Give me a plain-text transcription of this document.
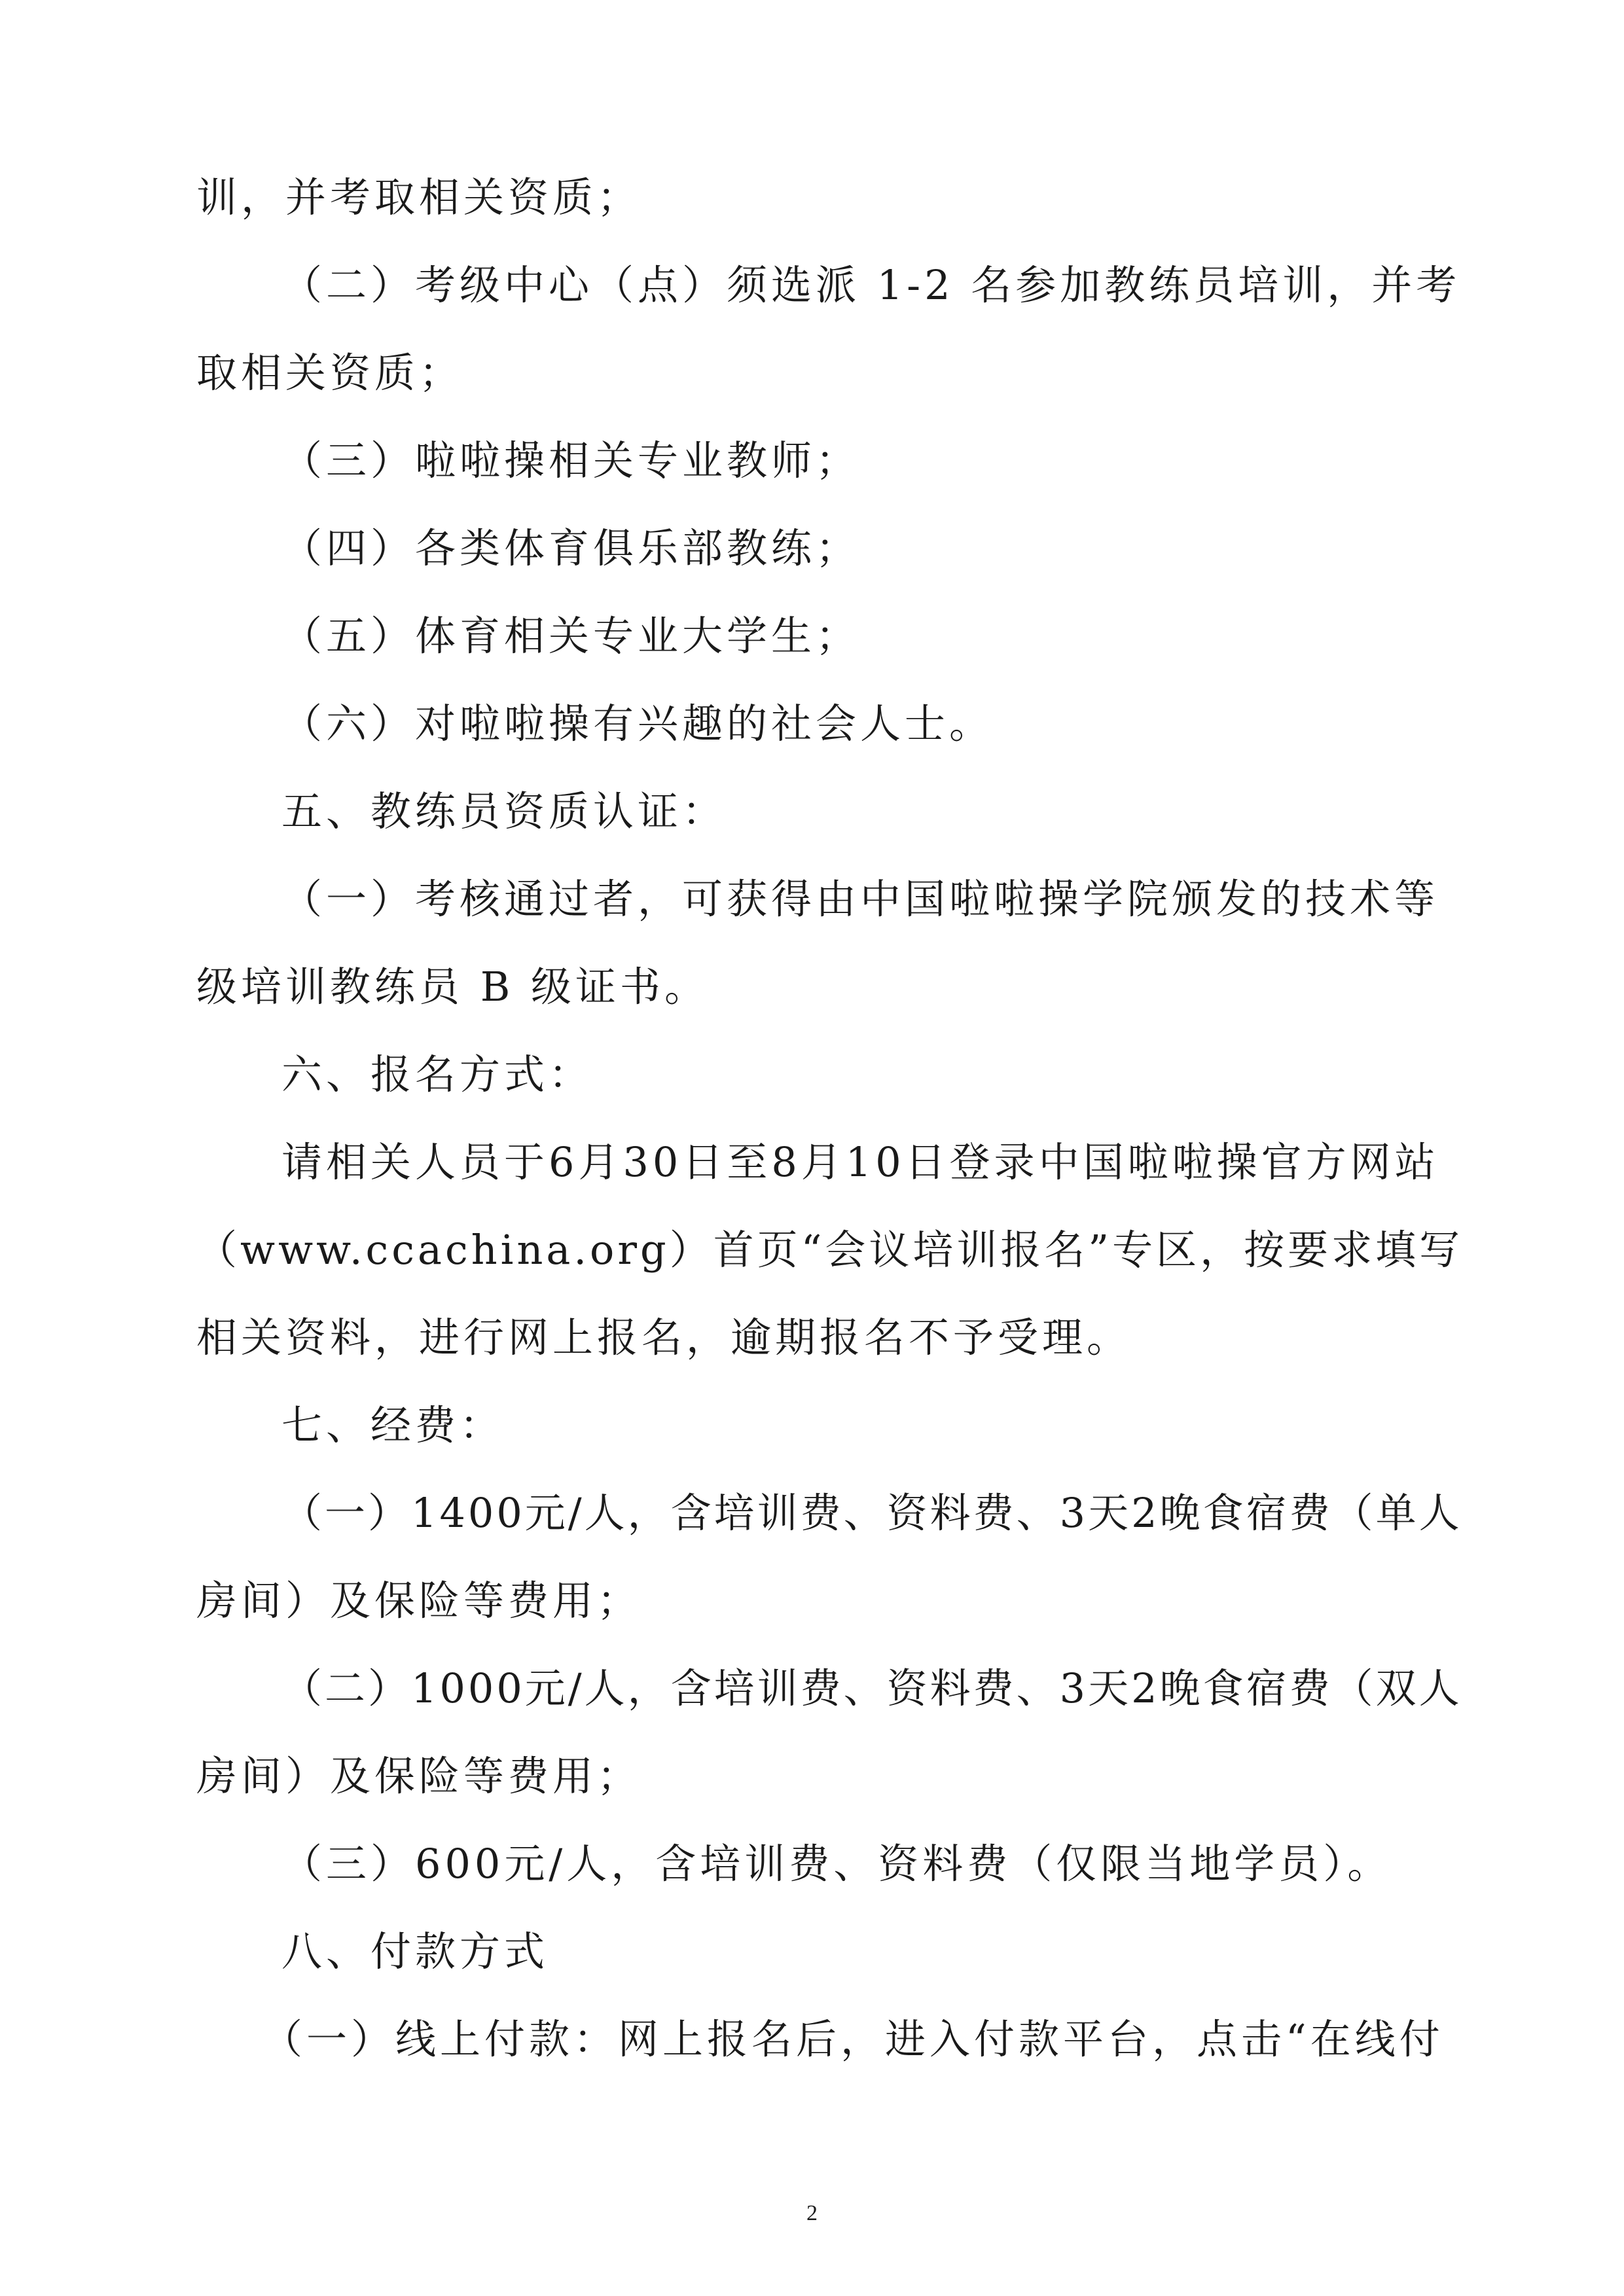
训，并考取相关资质；
（二）考级中心（点）须选派 1-2 名参加教练员培训，并考
取相关资质；
（三）啦啦操相关专业教师；
（四）各类体育俱乐部教练；
（五）体育相关专业大学生；
（六）对啦啦操有兴趣的社会人士。
五、教练员资质认证：
（一）考核通过者，可获得由中国啦啦操学院颁发的技术等
级培训教练员 B 级证书。
六、报名方式：
请相关人员于6月30日至8月10日登录中国啦啦操官方网站
（www.ccachina.org）首页“会议培训报名”专区，按要求填写
相关资料，进行网上报名，逾期报名不予受理。
七、经费：
（一）1400元/人，含培训费、资料费、3天2晚食宿费（单人
房间）及保险等费用；
（二）1000元/人，含培训费、资料费、3天2晚食宿费（双人
房间）及保险等费用；
（三）600元/人，含培训费、资料费（仅限当地学员）。
八、付款方式
（一）线上付款：网上报名后，进入付款平台，点击“在线付
2
